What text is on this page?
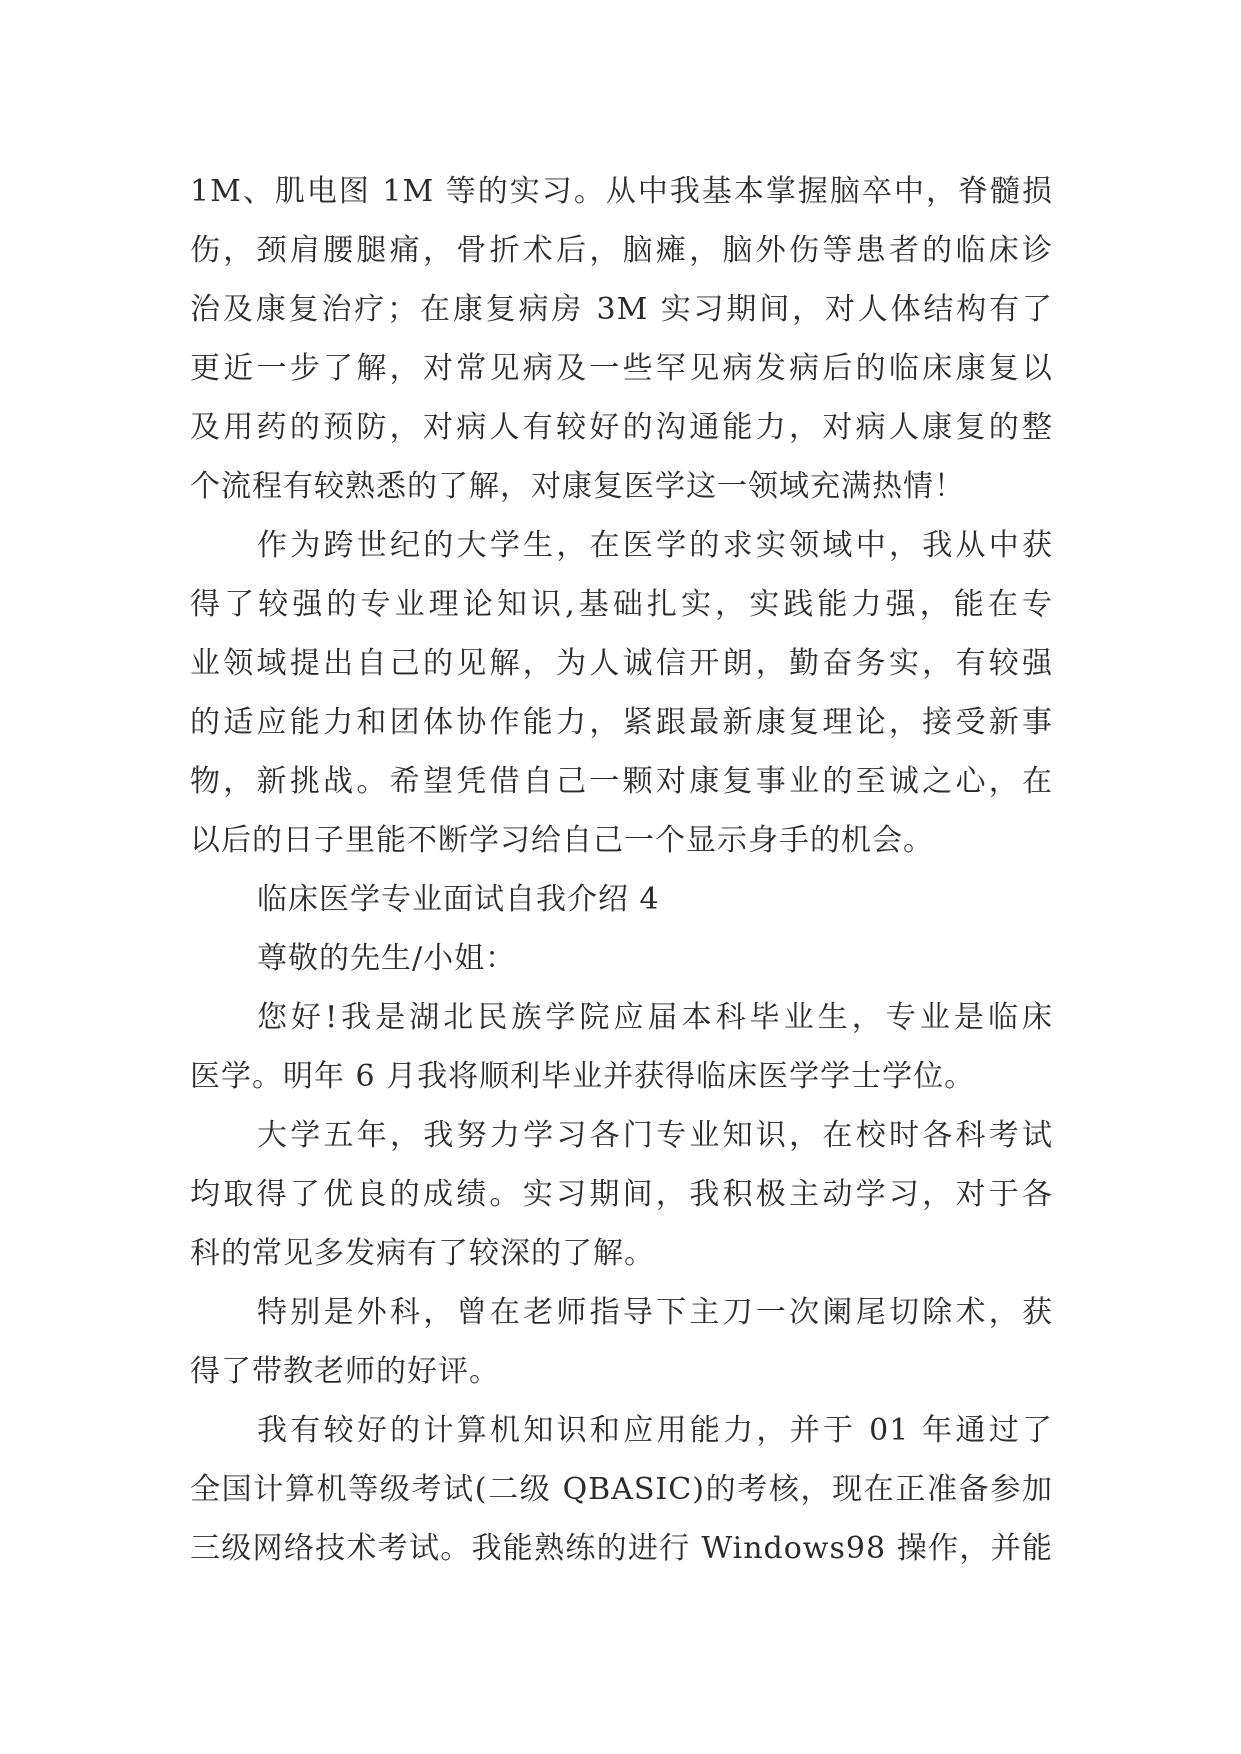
1M、肌电图 1M 等的实习。从中我基本掌握脑卒中，脊髓损
伤，颈肩腰腿痛，骨折术后，脑瘫，脑外伤等患者的临床诊
治及康复治疗；在康复病房 3M 实习期间，对人体结构有了
更近一步了解，对常见病及一些罕见病发病后的临床康复以
及用药的预防，对病人有较好的沟通能力，对病人康复的整
个流程有较熟悉的了解，对康复医学这一领域充满热情！
作为跨世纪的大学生，在医学的求实领域中，我从中获
得了较强的专业理论知识,基础扎实，实践能力强，能在专
业领域提出自己的见解，为人诚信开朗，勤奋务实，有较强
的适应能力和团体协作能力，紧跟最新康复理论，接受新事
物，新挑战。希望凭借自己一颗对康复事业的至诚之心，在
以后的日子里能不断学习给自己一个显示身手的机会。
临床医学专业面试自我介绍 4
尊敬的先生/小姐：
您好!我是湖北民族学院应届本科毕业生，专业是临床
医学。明年 6 月我将顺利毕业并获得临床医学学士学位。
大学五年，我努力学习各门专业知识，在校时各科考试
均取得了优良的成绩。实习期间，我积极主动学习，对于各
科的常见多发病有了较深的了解。
特别是外科，曾在老师指导下主刀一次阑尾切除术，获
得了带教老师的好评。
我有较好的计算机知识和应用能力，并于 01 年通过了
全国计算机等级考试(二级 QBASIC)的考核，现在正准备参加
三级网络技术考试。我能熟练的进行 Windows98 操作，并能
